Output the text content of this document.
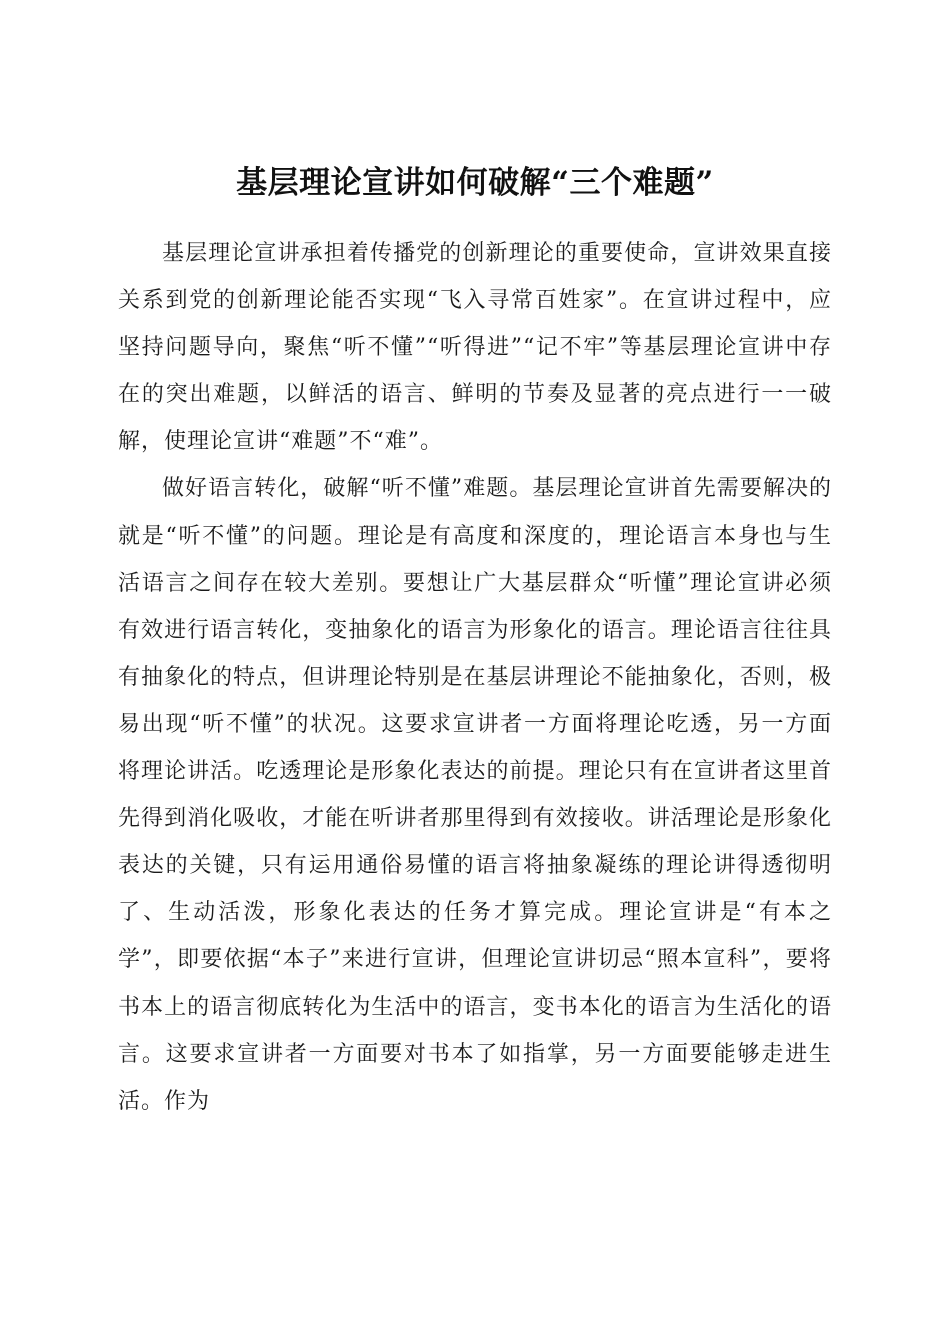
基层理论宣讲如何破解“三个难题”

基层理论宣讲承担着传播党的创新理论的重要使命，宣讲效果直接关系到党的创新理论能否实现“飞入寻常百姓家”。在宣讲过程中，应坚持问题导向，聚焦“听不懂”“听得进”“记不牢”等基层理论宣讲中存在的突出难题，以鲜活的语言、鲜明的节奏及显著的亮点进行一一破解，使理论宣讲“难题”不“难”。

做好语言转化，破解“听不懂”难题。基层理论宣讲首先需要解决的就是“听不懂”的问题。理论是有高度和深度的，理论语言本身也与生活语言之间存在较大差别。要想让广大基层群众“听懂”理论宣讲必须有效进行语言转化，变抽象化的语言为形象化的语言。理论语言往往具有抽象化的特点，但讲理论特别是在基层讲理论不能抽象化，否则，极易出现“听不懂”的状况。这要求宣讲者一方面将理论吃透，另一方面将理论讲活。吃透理论是形象化表达的前提。理论只有在宣讲者这里首先得到消化吸收，才能在听讲者那里得到有效接收。讲活理论是形象化表达的关键，只有运用通俗易懂的语言将抽象凝练的理论讲得透彻明了、生动活泼，形象化表达的任务才算完成。理论宣讲是“有本之学”，即要依据“本子”来进行宣讲，但理论宣讲切忌“照本宣科”，要将书本上的语言彻底转化为生活中的语言，变书本化的语言为生活化的语言。这要求宣讲者一方面要对书本了如指掌，另一方面要能够走进生活。作为
